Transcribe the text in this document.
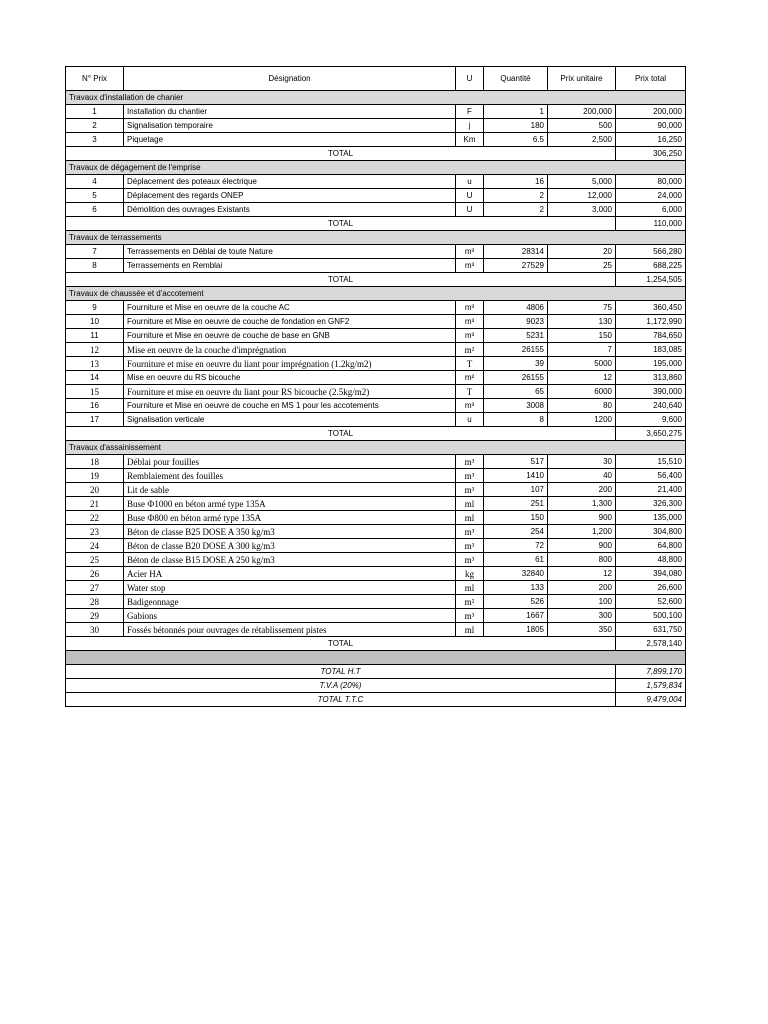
N° Prix	Désignation	U	Quantité	Prix unitaire	Prix total
Travaux d'installation de chanier					
1	Installation du chantier	F	1	200,000	200,000
2	Signalisation temporaire	j	180	500	90,000
3	Piquetage	Km	6.5	2,500	16,250
TOTAL					306,250
Travaux de dégagement de l'emprise					
4	Déplacement des poteaux électrique	u	16	5,000	80,000
5	Déplacement des regards ONEP	U	2	12,000	24,000
6	Démolition des ouvrages Existants	U	2	3,000	6,000
TOTAL					110,000
Travaux de terrassements					
7	Terrassements en Déblai de toute Nature	m³	28314	20	566,280
8	Terrassements en Remblai	m³	27529	25	688,225
TOTAL					1,254,505
Travaux de chaussée et d'accotement					
9	Fourniture et Mise en oeuvre de la couche AC	m³	4806	75	360,450
10	Fourniture et Mise en oeuvre de couche de fondation en GNF2	m³	9023	130	1,172,990
11	Fourniture et Mise en oeuvre de couche de base en GNB	m³	5231	150	784,650
12	Mise en oeuvre de la couche d'imprégnation	m²	26155	7	183,085
13	Fourniture et mise en oeuvre du liant pour imprégnation (1.2kg/m2)	T	39	5000	195,000
14	Mise en oeuvre du RS bicouche	m²	26155	12	313,860
15	Fourniture et mise en oeuvre du liant pour RS bicouche (2.5kg/m2)	T	65	6000	390,000
16	Fourniture et Mise en oeuvre de couche en MS 1 pour les accotements	m³	3008	80	240,640
17	Signalisation verticale	u	8	1200	9,600
TOTAL					3,650,275
Travaux d'assainissement					
18	Déblai pour fouilles	m³	517	30	15,510
19	Remblaiement des fouilles	m³	1410	40	56,400
20	Lit de sable	m³	107	200	21,400
21	Buse Ф1000 en béton armé type 135A	ml	251	1,300	326,300
22	Buse Ф800 en béton armé type 135A	ml	150	900	135,000
23	Béton de classe B25 DOSE A 350 kg/m3	m³	254	1,200	304,800
24	Béton de classe B20 DOSE A 300 kg/m3	m³	72	900	64,800
25	Béton de classe B15 DOSE A 250 kg/m3	m³	61	800	48,800
26	Acier HA	kg	32840	12	394,080
27	Water stop	ml	133	200	26,600
28	Badigeonnage	m²	526	100	52,600
29	Gabions	m³	1667	300	500,100
30	Fossés bétonnés pour ouvrages de rétablissement pistes	ml	1805	350	631,750
TOTAL					2,578,140

TOTAL H.T					7,899,170
T.V.A (20%)					1,579,834
TOTAL T.T.C					9,479,004
